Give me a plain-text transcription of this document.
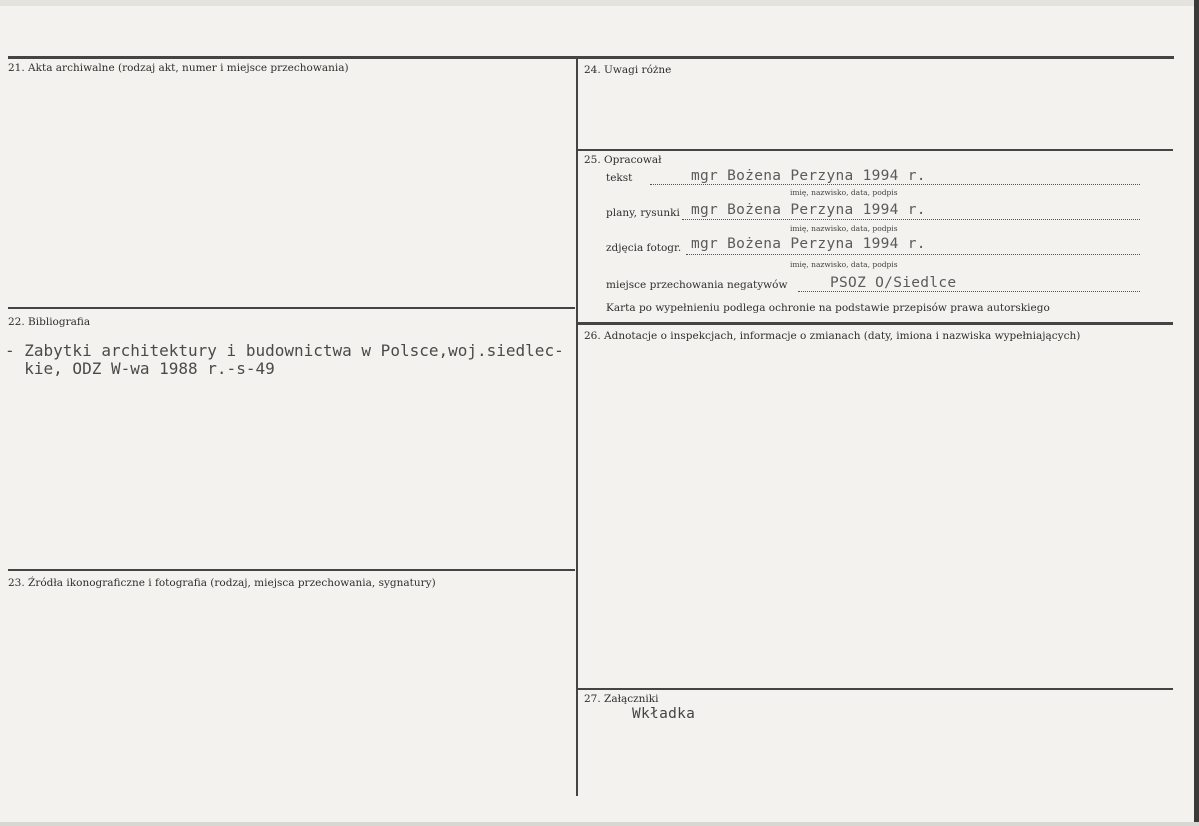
21. Akta archiwalne (rodzaj akt, numer i miejsce przechowania)
22. Bibliografia
- Zabytki architektury i budownictwa w Polsce,woj.siedlec-
kie, ODZ W-wa 1988 r.-s-49
23. Źródła ikonograficzne i fotografia (rodzaj, miejsca przechowania, sygnatury)
24. Uwagi różne
25. Opracował
tekst	mgr Bożena Perzyna 1994 r.
imię, nazwisko, data, podpis
plany, rysunki mgr Bożena Perzyna 1994 r.
imię, nazwisko, data, podpis
zdjęcia fotogr. mgr Bożena Perzyna 1994 r.
imię, nazwisko, data, podpis
miejsce przechowania negatywów	PSOZ O/Siedlce
Karta po wypełnieniu podlega ochronie na podstawie przepisów prawa autorskiego
26. Adnotacje o inspekcjach, informacje o zmianach (daty, imiona i nazwiska wypełniających)
27. Załączniki
Wkładka
